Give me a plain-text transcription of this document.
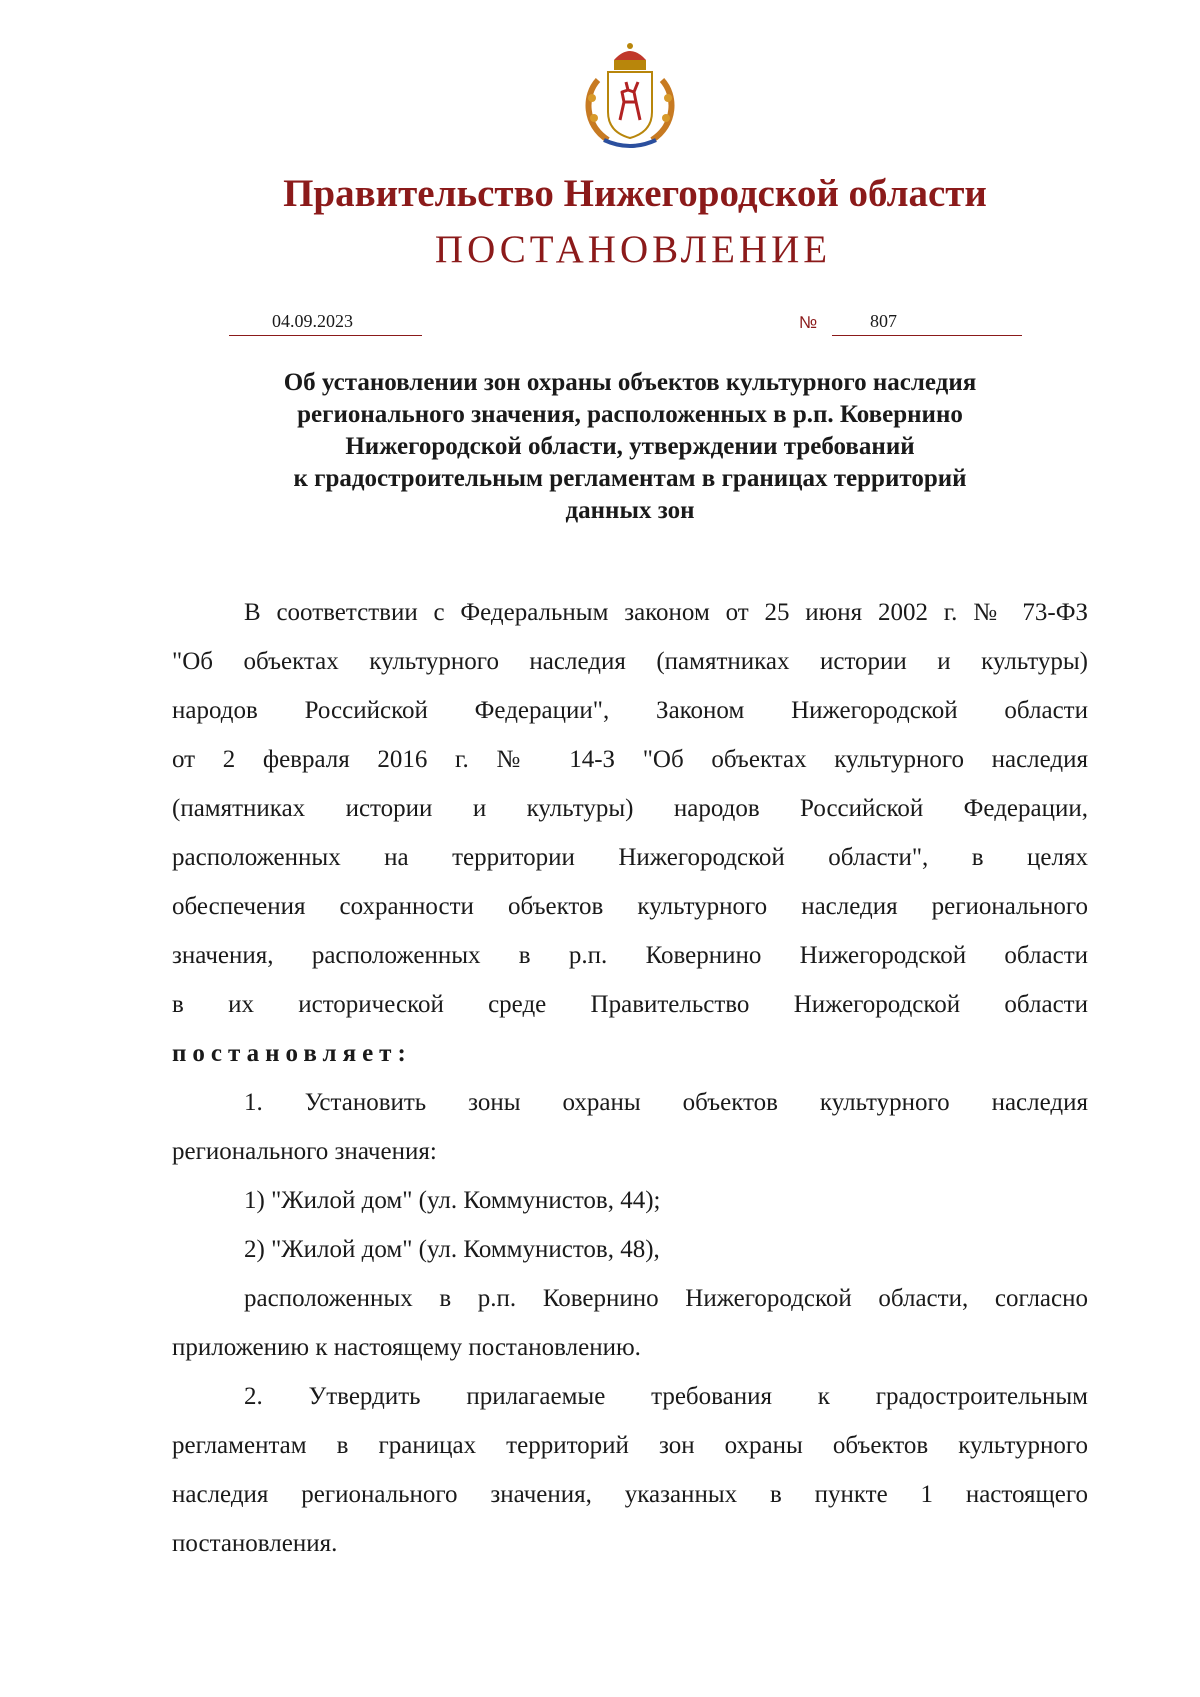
Правительство Нижегородской области
ПОСТАНОВЛЕНИЕ
04.09.2023	№	807
Об установлении зон охраны объектов культурного наследия
регионального значения, расположенных в р.п. Ковернино
Нижегородской области, утверждении требований
к градостроительным регламентам в границах территорий
данных зон
В соответствии с Федеральным законом от 25 июня 2002 г. № 73-ФЗ
"Об объектах культурного наследия (памятниках истории и культуры)
народов Российской Федерации", Законом Нижегородской области
от 2 февраля 2016 г. № 14-З "Об объектах культурного наследия
(памятниках истории и культуры) народов Российской Федерации,
расположенных на территории Нижегородской области", в целях
обеспечения сохранности объектов культурного наследия регионального
значения, расположенных в р.п. Ковернино Нижегородской области
в их исторической среде Правительство Нижегородской области
постановляет:
1. Установить зоны охраны объектов культурного наследия
регионального значения:
1) "Жилой дом" (ул. Коммунистов, 44);
2) "Жилой дом" (ул. Коммунистов, 48),
расположенных в р.п. Ковернино Нижегородской области, согласно
приложению к настоящему постановлению.
2. Утвердить прилагаемые требования к градостроительным
регламентам в границах территорий зон охраны объектов культурного
наследия регионального значения, указанных в пункте 1 настоящего
постановления.
